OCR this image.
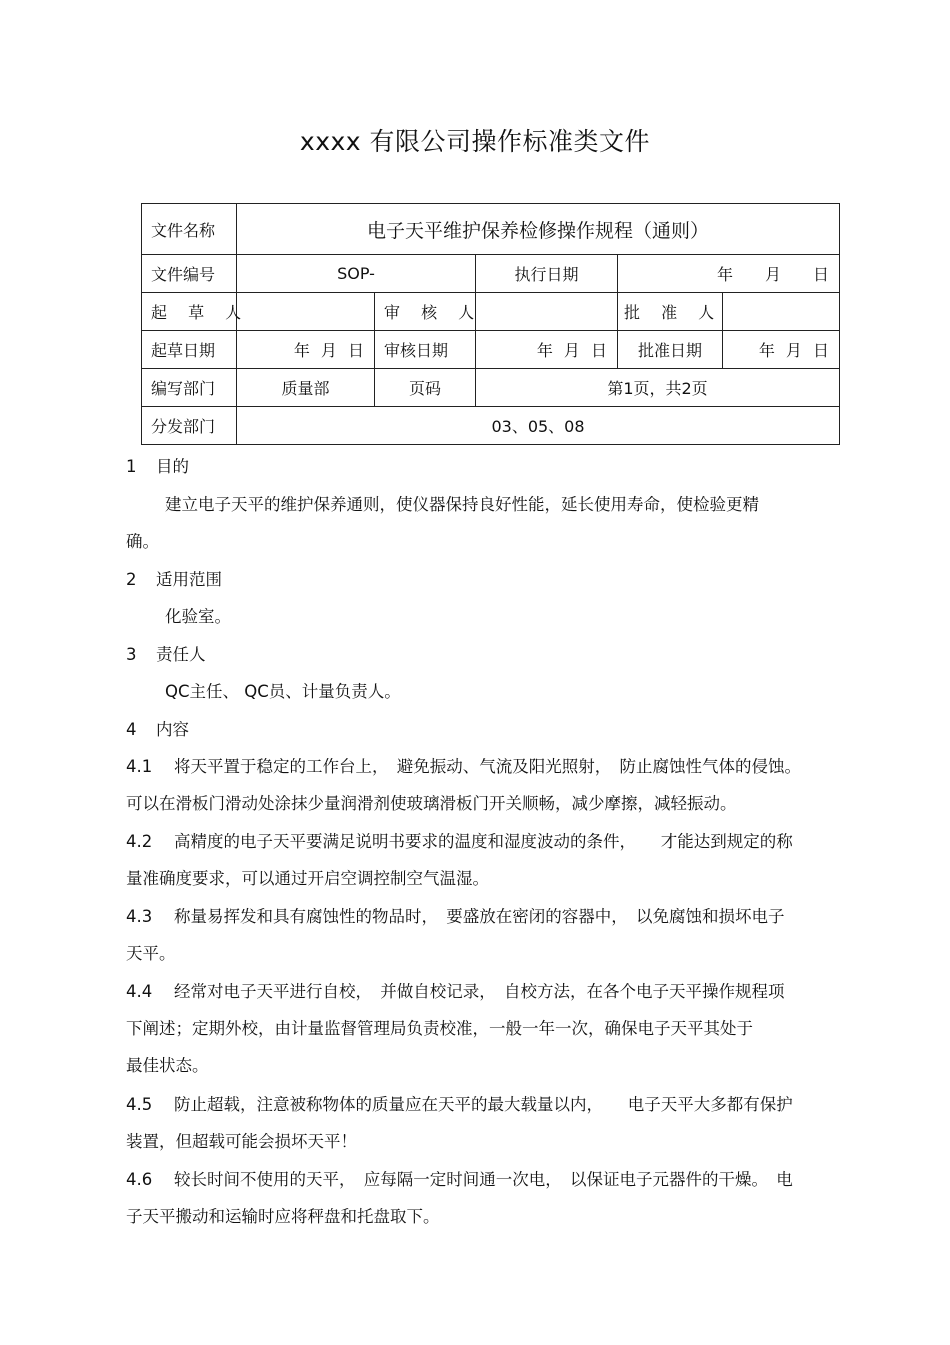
xxxx 有限公司操作标准类文件
文件名称	电子天平维护保养检修操作规程（通则）				
文件编号	SOP-		执行日期	年　　月　　日	
起 草 人		审 核 人		批 准 人	
起草日期	年 月 日	审核日期	年 月 日	批准日期	年 月 日
编写部门	质量部	页码	第1页，共2页		
分发部门	03、05、08				
1 目的
建立电子天平的维护保养通则，使仪器保持良好性能，延长使用寿命，使检验更精
确。
2 适用范围
化验室。
3 责任人
QC主任、 QC员、计量负责人。
4 内容
4.1 将天平置于稳定的工作台上，　避免振动、气流及阳光照射，　防止腐蚀性气体的侵蚀。
可以在滑板门滑动处涂抹少量润滑剂使玻璃滑板门开关顺畅，减少摩擦，减轻振动。
4.2 高精度的电子天平要满足说明书要求的温度和湿度波动的条件，　　才能达到规定的称
量准确度要求，可以通过开启空调控制空气温湿。
4.3 称量易挥发和具有腐蚀性的物品时，　要盛放在密闭的容器中，　以免腐蚀和损坏电子
天平。
4.4 经常对电子天平进行自校，　并做自校记录，　自校方法，在各个电子天平操作规程项
下阐述；定期外校，由计量监督管理局负责校准，一般一年一次，确保电子天平其处于
最佳状态。
4.5 防止超载，注意被称物体的质量应在天平的最大载量以内，　　电子天平大多都有保护
装置，但超载可能会损坏天平！
4.6 较长时间不使用的天平，　应每隔一定时间通一次电，　以保证电子元器件的干燥。　电
子天平搬动和运输时应将秤盘和托盘取下。
